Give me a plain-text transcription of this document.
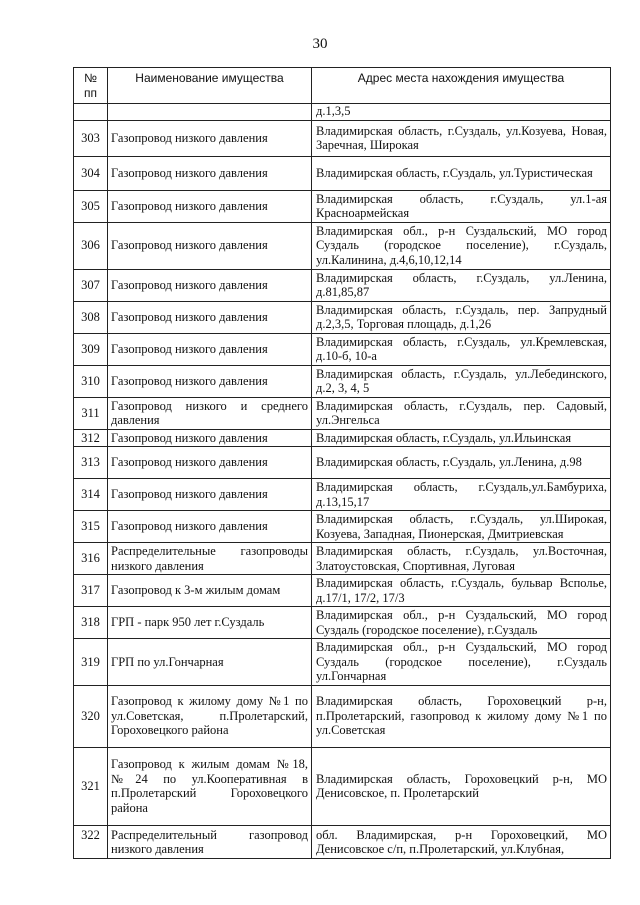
30
№ пп	Наименование имущества	Адрес места нахождения имущества
		д.1,3,5
303	Газопровод низкого давления	Владимирская область, г.Суздаль, ул.Козуева, Новая, Заречная, Широкая
304	Газопровод низкого давления	Владимирская область, г.Суздаль, ул.Туристическая
305	Газопровод низкого давления	Владимирская область, г.Суздаль, ул.1-ая Красноармейская
306	Газопровод низкого давления	Владимирская обл., р-н Суздальский, МО город Суздаль (городское поселение), г.Суздаль, ул.Калинина, д.4,6,10,12,14
307	Газопровод низкого давления	Владимирская область, г.Суздаль, ул.Ленина, д.81,85,87
308	Газопровод низкого давления	Владимирская область, г.Суздаль, пер. Запрудный д.2,3,5, Торговая площадь, д.1,26
309	Газопровод низкого давления	Владимирская область, г.Суздаль, ул.Кремлевская, д.10-б, 10-а
310	Газопровод низкого давления	Владимирская область, г.Суздаль, ул.Лебединского, д.2, 3, 4, 5
311	Газопровод низкого и среднего давления	Владимирская область, г.Суздаль, пер. Садовый, ул.Энгельса
312	Газопровод низкого давления	Владимирская область, г.Суздаль, ул.Ильинская
313	Газопровод низкого давления	Владимирская область, г.Суздаль, ул.Ленина, д.98
314	Газопровод низкого давления	Владимирская область, г.Суздаль,ул.Бамбуриха, д.13,15,17
315	Газопровод низкого давления	Владимирская область, г.Суздаль, ул.Широкая, Козуева, Западная, Пионерская, Дмитриевская
316	Распределительные газопроводы низкого давления	Владимирская область, г.Суздаль, ул.Восточная, Златоустовская, Спортивная, Луговая
317	Газопровод к 3-м жилым домам	Владимирская область, г.Суздаль, бульвар Всполье, д.17/1, 17/2, 17/3
318	ГРП - парк 950 лет г.Суздаль	Владимирская обл., р-н Суздальский, МО город Суздаль (городское поселение), г.Суздаль
319	ГРП по ул.Гончарная	Владимирская обл., р-н Суздальский, МО город Суздаль (городское поселение), г.Суздаль ул.Гончарная
320	Газопровод к жилому дому №1 по ул.Советская, п.Пролетарский, Гороховецкого района	Владимирская область, Гороховецкий р-н, п.Пролетарский, газопровод к жилому дому №1 по ул.Советская
321	Газопровод к жилым домам №18, №24 по ул.Кооперативная в п.Пролетарский Гороховецкого района	Владимирская область, Гороховецкий р-н, МО Денисовское, п. Пролетарский
322	Распределительный газопровод низкого давления	обл. Владимирская, р-н Гороховецкий, МО Денисовское с/п, п.Пролетарский, ул.Клубная,
